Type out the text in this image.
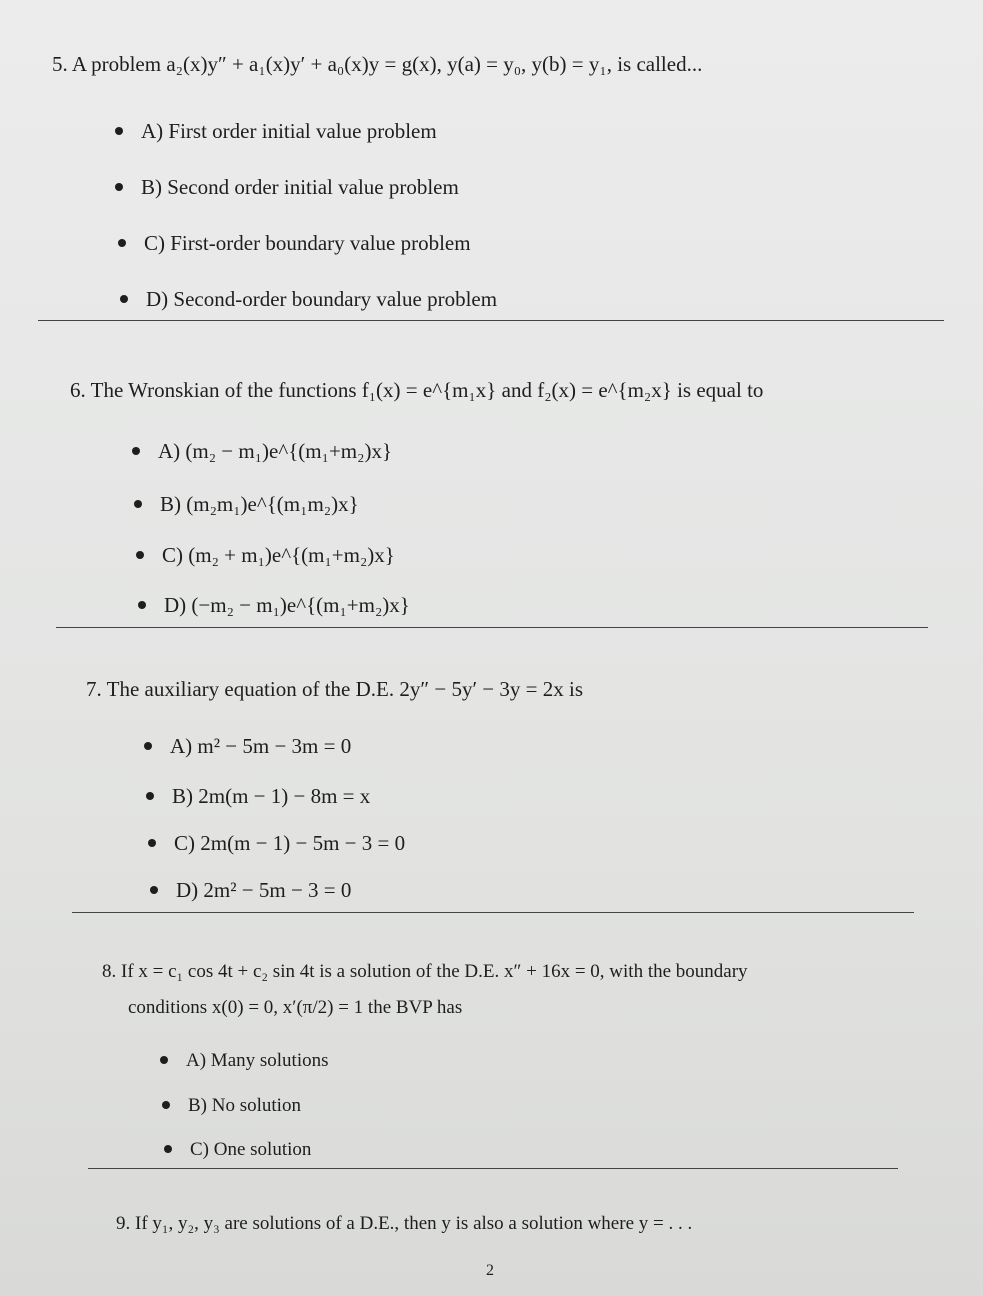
5. A problem a₂(x)y″ + a₁(x)y′ + a₀(x)y = g(x), y(a) = y₀, y(b) = y₁, is called...
A) First order initial value problem
B) Second order initial value problem
C) First-order boundary value problem
D) Second-order boundary value problem
6. The Wronskian of the functions f₁(x) = e^{m₁x} and f₂(x) = e^{m₂x} is equal to
A) (m₂ − m₁)e^{(m₁+m₂)x}
B) (m₂m₁)e^{(m₁m₂)x}
C) (m₂ + m₁)e^{(m₁+m₂)x}
D) (−m₂ − m₁)e^{(m₁+m₂)x}
7. The auxiliary equation of the D.E. 2y″ − 5y′ − 3y = 2x is
A) m² − 5m − 3m = 0
B) 2m(m − 1) − 8m = x
C) 2m(m − 1) − 5m − 3 = 0
D) 2m² − 5m − 3 = 0
8. If x = c₁ cos 4t + c₂ sin 4t is a solution of the D.E. x″ + 16x = 0, with the boundary
conditions x(0) = 0, x′(π/2) = 1 the BVP has
A) Many solutions
B) No solution
C) One solution
9. If y₁, y₂, y₃ are solutions of a D.E., then y is also a solution where y = . . .
2
